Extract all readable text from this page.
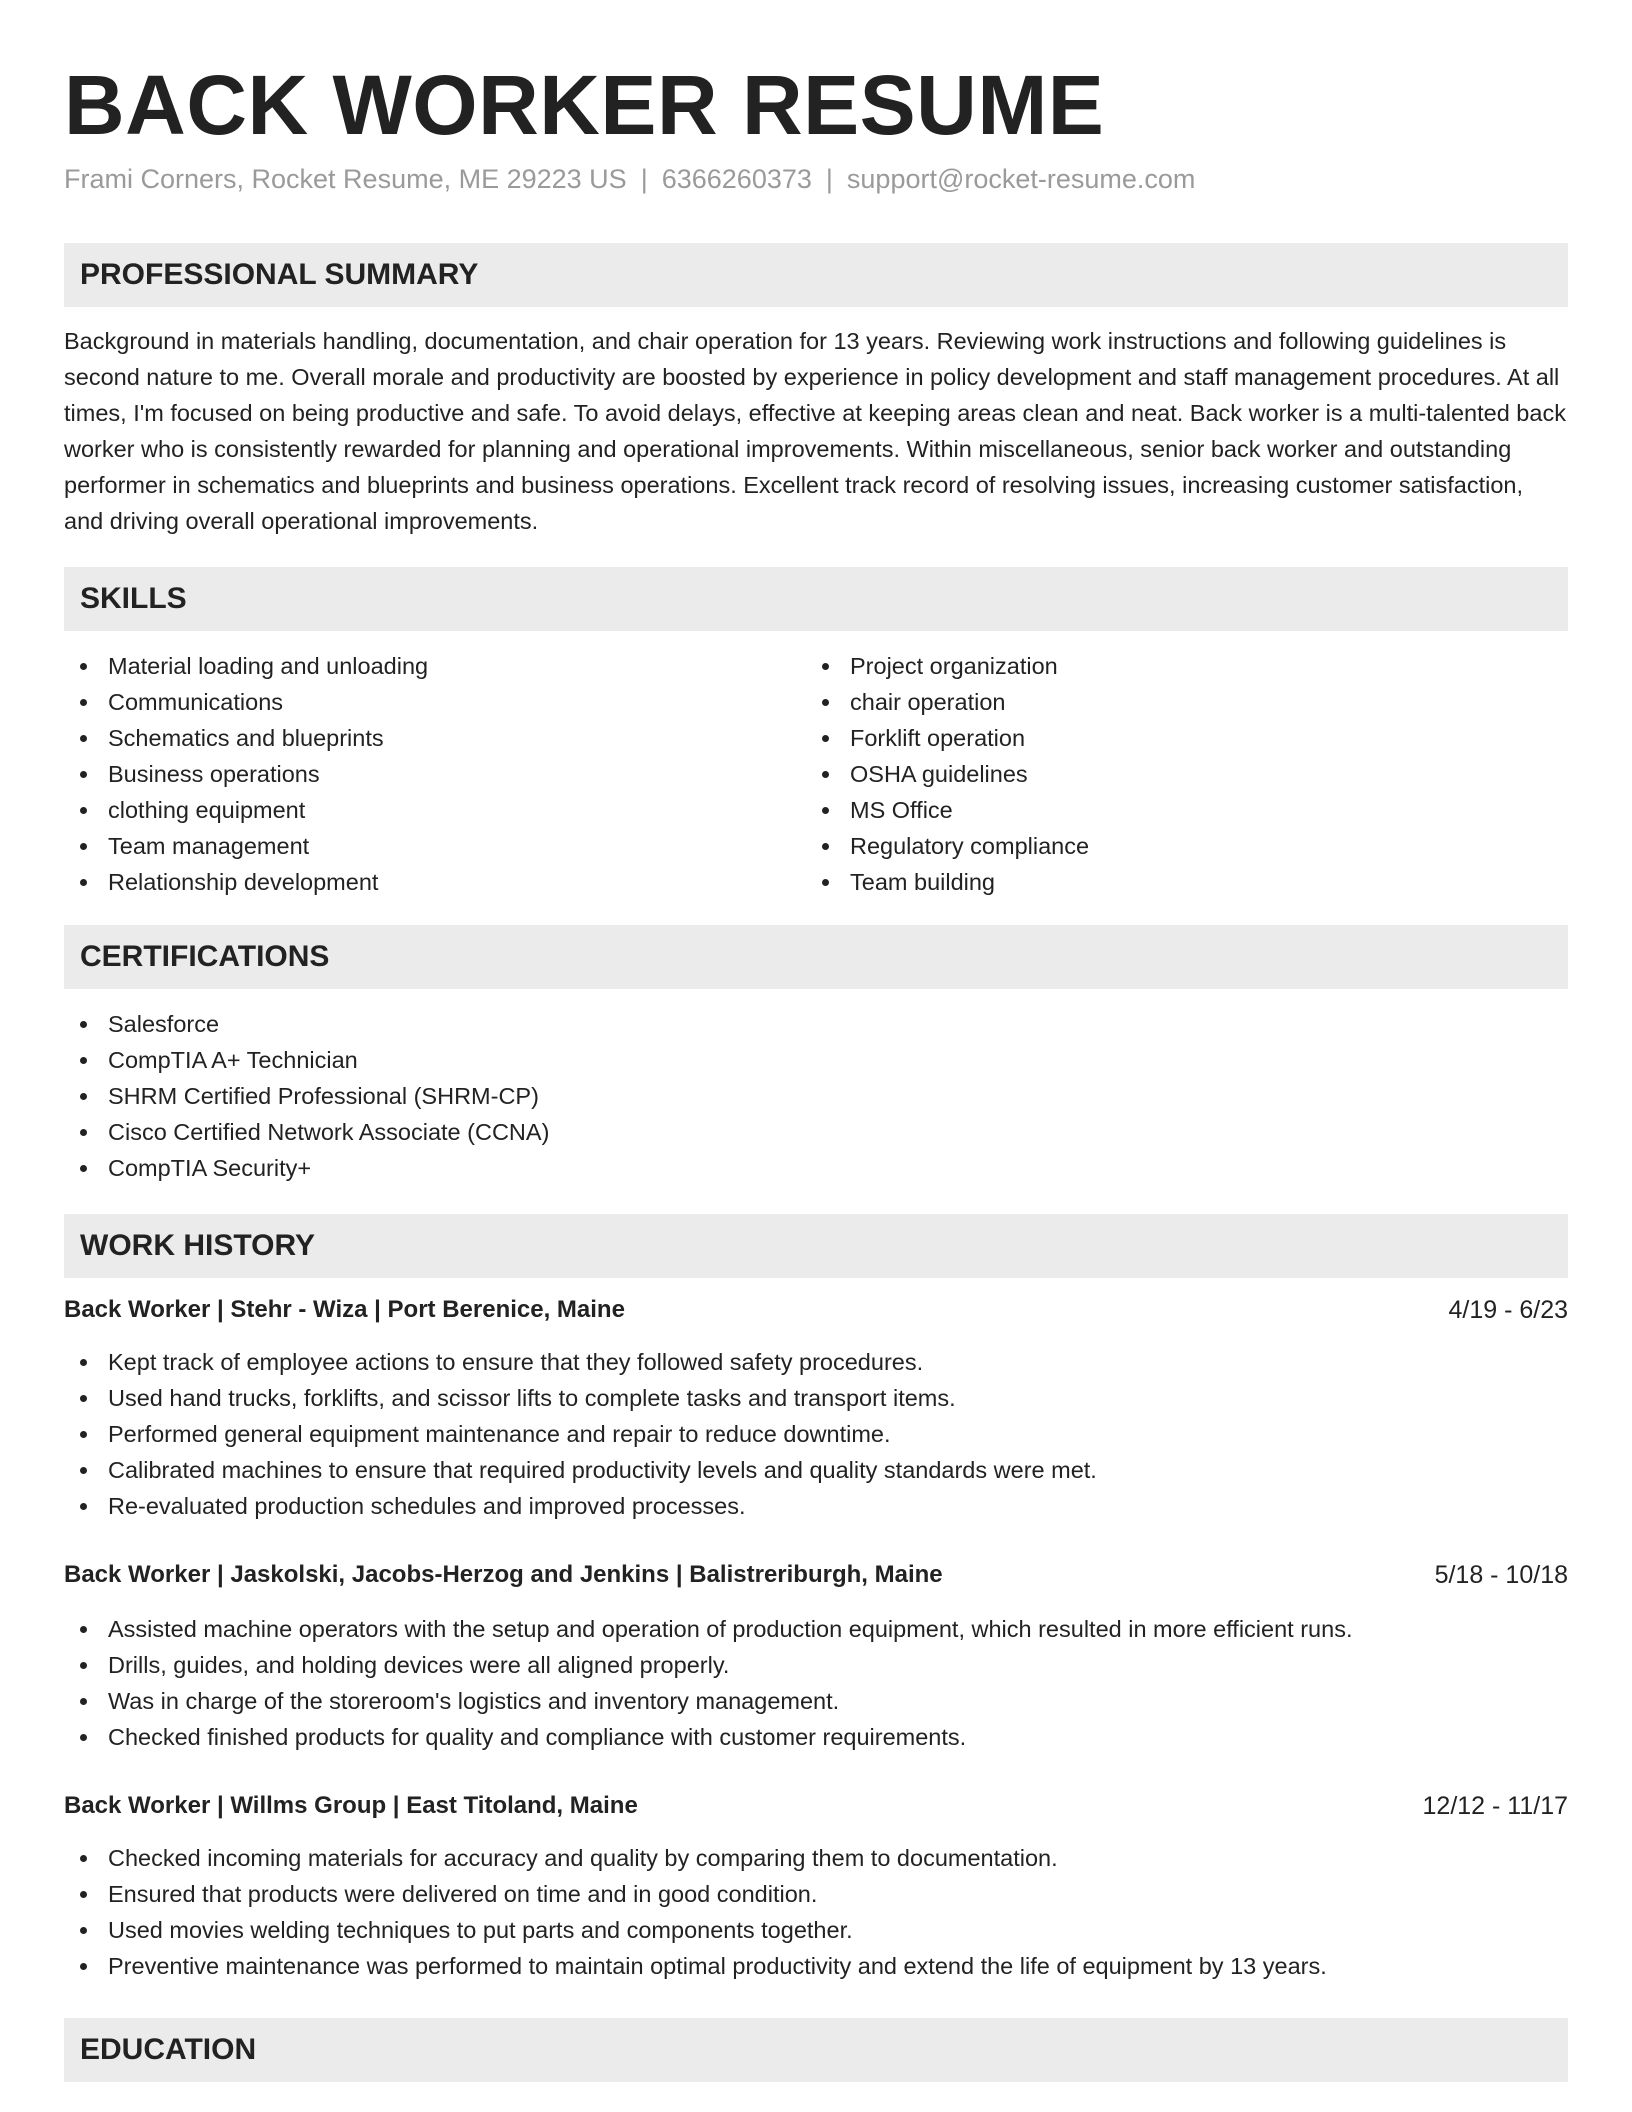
BACK WORKER RESUME
Frami Corners, Rocket Resume, ME 29223 US | 6366260373 | support@rocket-resume.com
PROFESSIONAL SUMMARY

Background in materials handling, documentation, and chair operation for 13 years. Reviewing work instructions and following guidelines is second nature to me. Overall morale and productivity are boosted by experience in policy development and staff management procedures. At all times, I'm focused on being productive and safe. To avoid delays, effective at keeping areas clean and neat. Back worker is a multi-talented back worker who is consistently rewarded for planning and operational improvements. Within miscellaneous, senior back worker and outstanding performer in schematics and blueprints and business operations. Excellent track record of resolving issues, increasing customer satisfaction, and driving overall operational improvements.

SKILLS
Material loading and unloading
Communications
Schematics and blueprints
Business operations
clothing equipment
Team management
Relationship development
Project organization
chair operation
Forklift operation
OSHA guidelines
MS Office
Regulatory compliance
Team building
CERTIFICATIONS
Salesforce
CompTIA A+ Technician
SHRM Certified Professional (SHRM-CP)
Cisco Certified Network Associate (CCNA)
CompTIA Security+
WORK HISTORY
Back Worker | Stehr - Wiza | Port Berenice, Maine	4/19 - 6/23
Kept track of employee actions to ensure that they followed safety procedures.
Used hand trucks, forklifts, and scissor lifts to complete tasks and transport items.
Performed general equipment maintenance and repair to reduce downtime.
Calibrated machines to ensure that required productivity levels and quality standards were met.
Re-evaluated production schedules and improved processes.
Back Worker | Jaskolski, Jacobs-Herzog and Jenkins | Balistreriburgh, Maine	5/18 - 10/18
Assisted machine operators with the setup and operation of production equipment, which resulted in more efficient runs.
Drills, guides, and holding devices were all aligned properly.
Was in charge of the storeroom's logistics and inventory management.
Checked finished products for quality and compliance with customer requirements.
Back Worker | Willms Group | East Titoland, Maine	12/12 - 11/17
Checked incoming materials for accuracy and quality by comparing them to documentation.
Ensured that products were delivered on time and in good condition.
Used movies welding techniques to put parts and components together.
Preventive maintenance was performed to maintain optimal productivity and extend the life of equipment by 13 years.
EDUCATION
